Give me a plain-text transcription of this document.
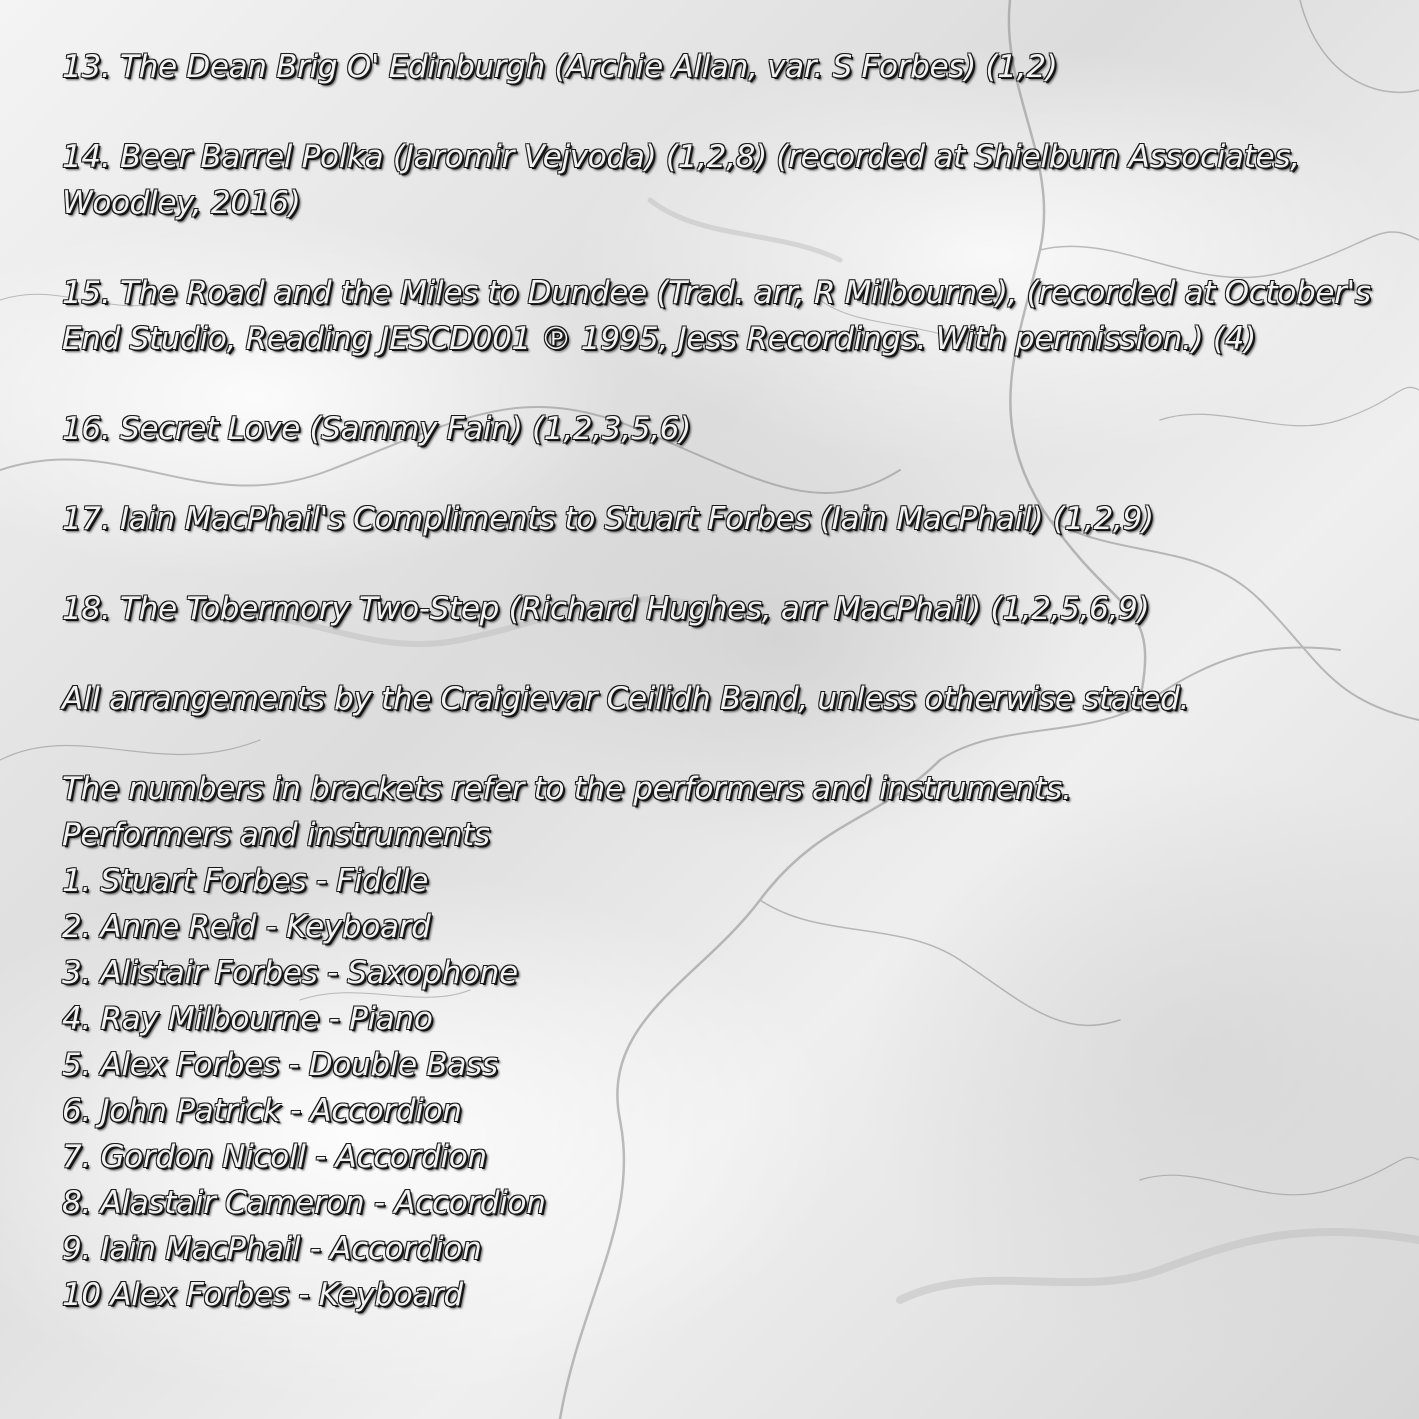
13. The Dean Brig O' Edinburgh (Archie Allan, var. S Forbes) (1,2)
14. Beer Barrel Polka (Jaromir Vejvoda) (1,2,8) (recorded at Shielburn Associates, Woodley, 2016)
15. The Road and the Miles to Dundee (Trad. arr, R Milbourne), (recorded at October's End Studio, Reading JESCD001 ℗ 1995, Jess Recordings. With permission.) (4)
16. Secret Love (Sammy Fain) (1,2,3,5,6)
17. Iain MacPhail's Compliments to Stuart Forbes (Iain MacPhail) (1,2,9)
18. The Tobermory Two-Step (Richard Hughes, arr MacPhail) (1,2,5,6,9)
All arrangements by the Craigievar Ceilidh Band, unless otherwise stated.
The numbers in brackets refer to the performers and instruments.
Performers and instruments
1. Stuart Forbes - Fiddle
2. Anne Reid - Keyboard
3. Alistair Forbes - Saxophone
4. Ray Milbourne - Piano
5. Alex Forbes - Double Bass
6. John Patrick - Accordion
7. Gordon Nicoll - Accordion
8. Alastair Cameron - Accordion
9. Iain MacPhail - Accordion
10 Alex Forbes - Keyboard
